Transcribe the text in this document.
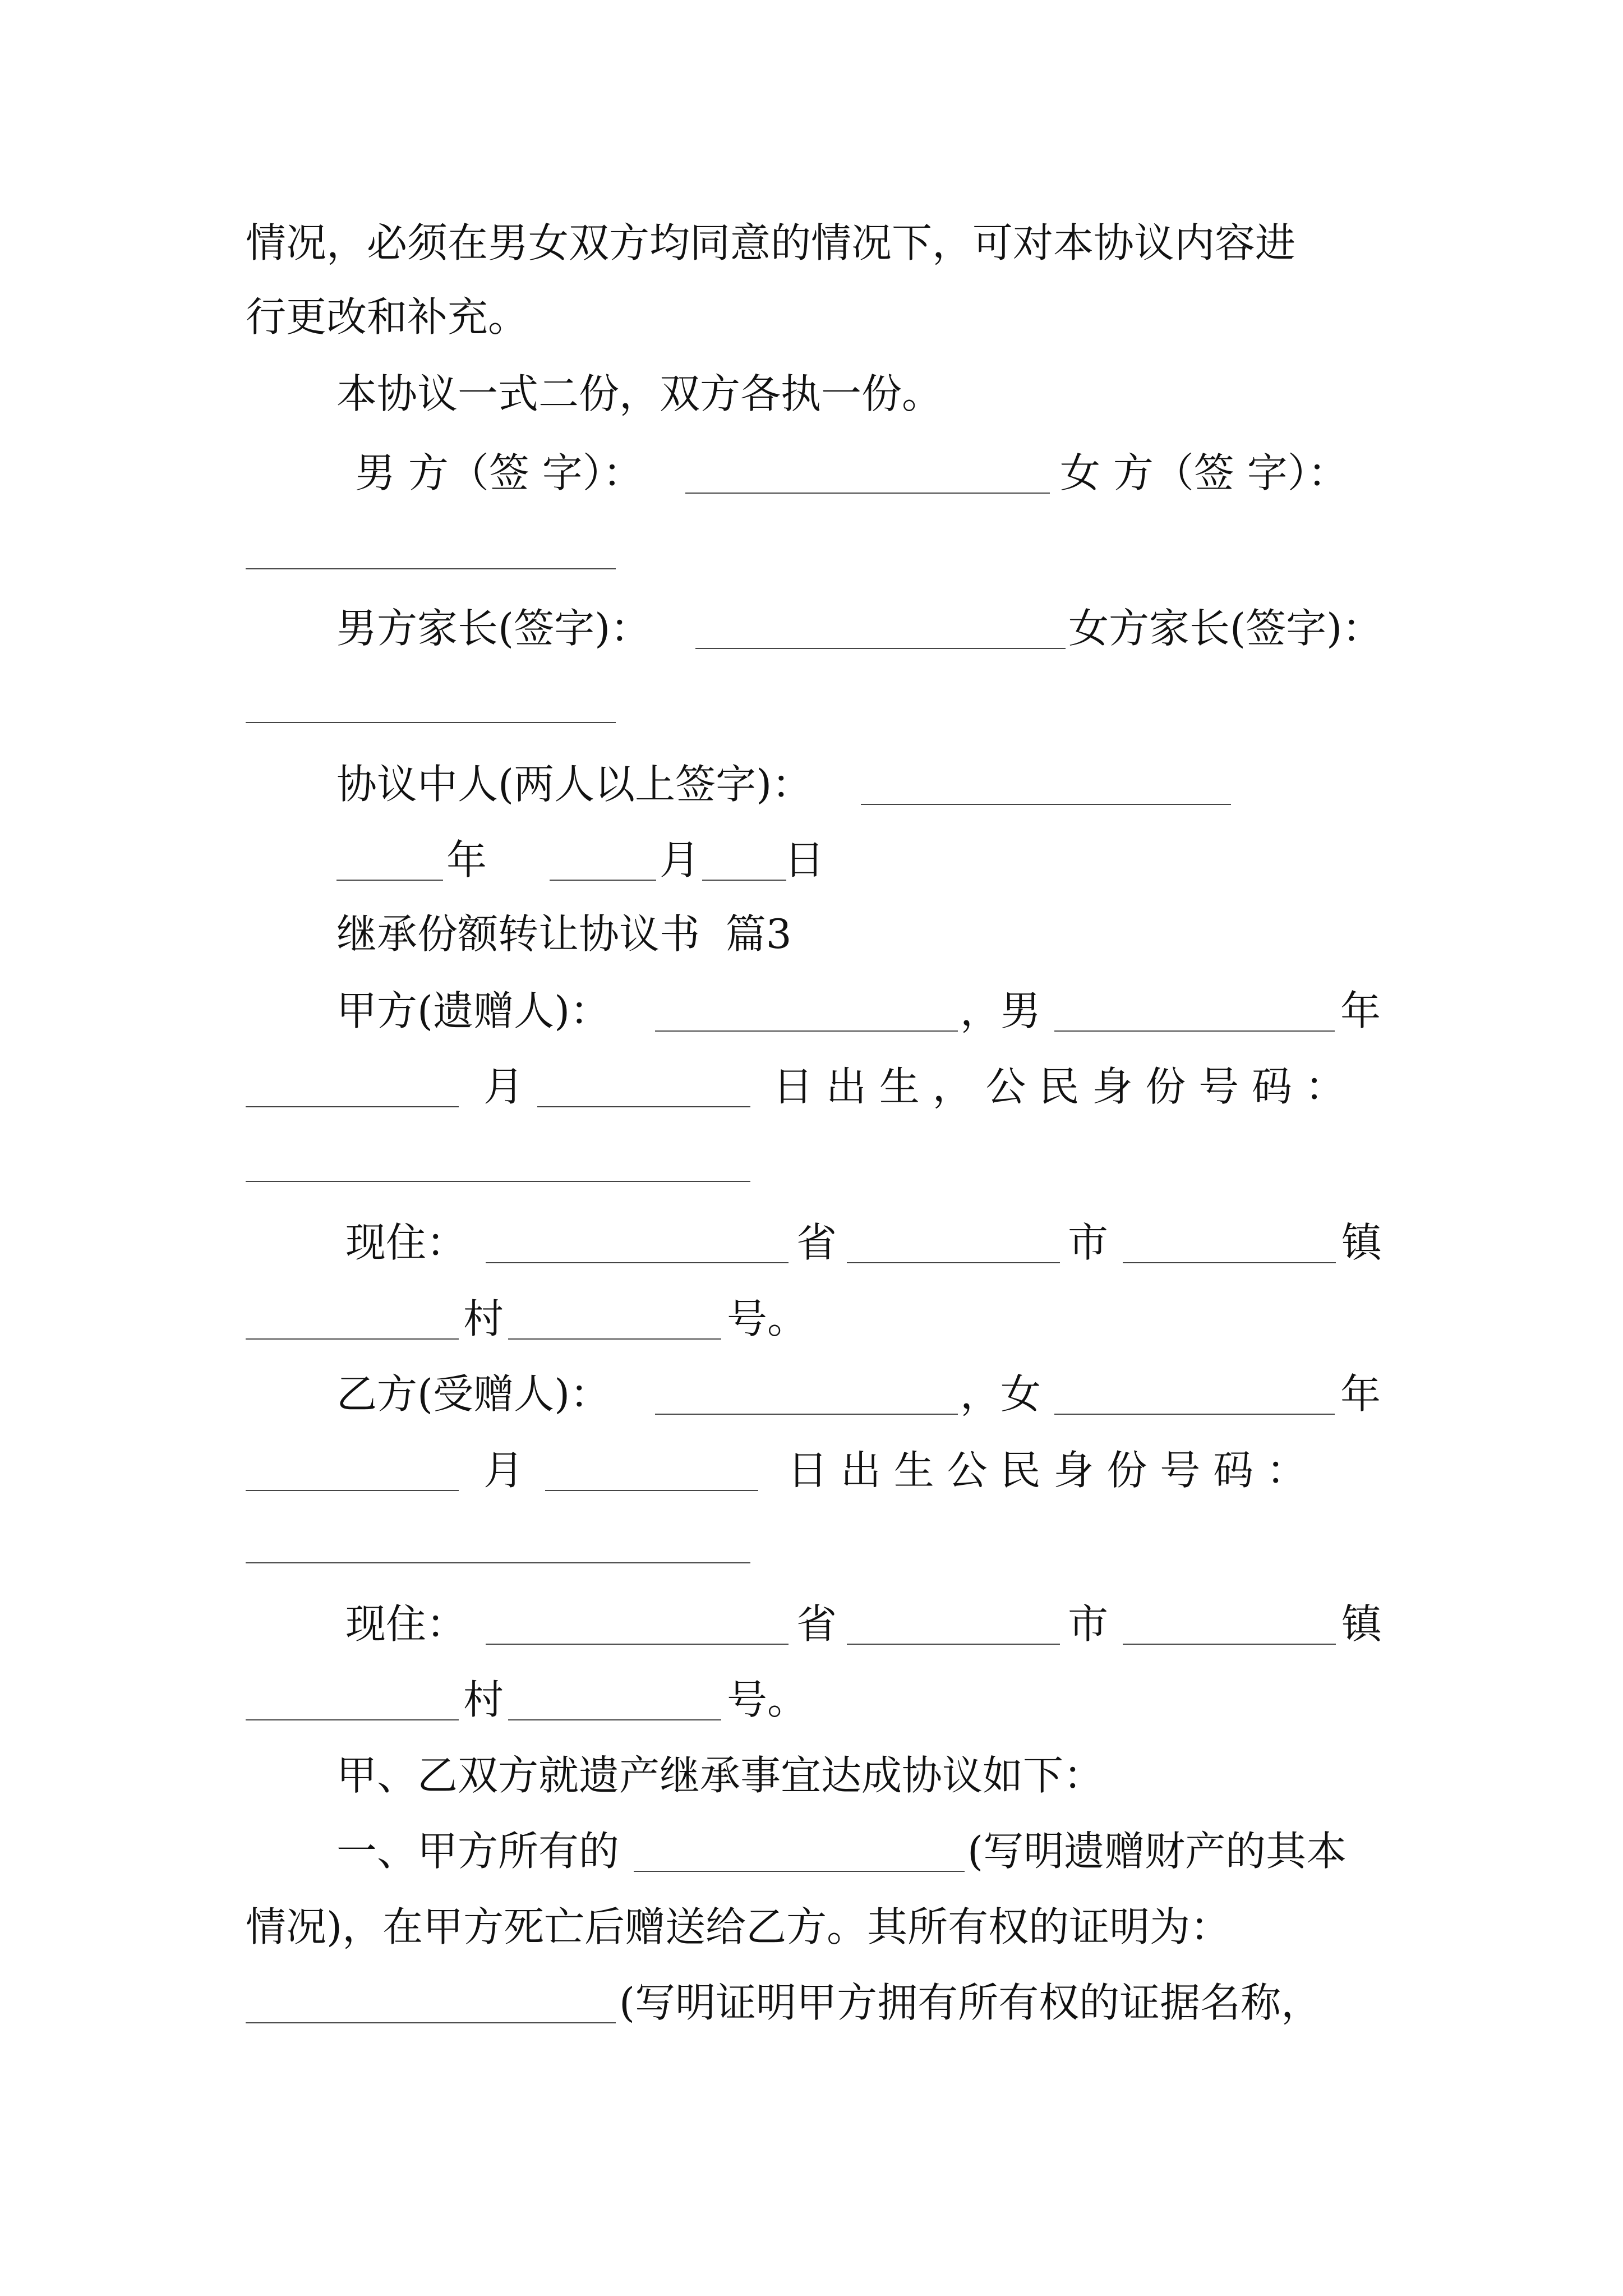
情况，必须在男女双方均同意的情况下，可对本协议内容进
行更改和补充。
本协议一式二份，双方各执一份。
男 方（签 字）：	女 方（签 字）：
男方家长(签字)：	女方家长(签字)：
协议中人(两人以上签字)：
年	月 日
继承份额转让协议书  篇3
甲方(遗赠人)：	，男	年
月	日 出 生 ， 公 民 身 份 号 码 ：
现住：	省	市	镇
村	号。
乙方(受赠人)：	，女	年
月	日 出 生 公 民 身 份 号 码 ：
现住：	省	市	镇
村	号。
甲、乙双方就遗产继承事宜达成协议如下：
一、甲方所有的	(写明遗赠财产的其本
情况)，在甲方死亡后赠送给乙方。其所有权的证明为：
(写明证明甲方拥有所有权的证据名称，
